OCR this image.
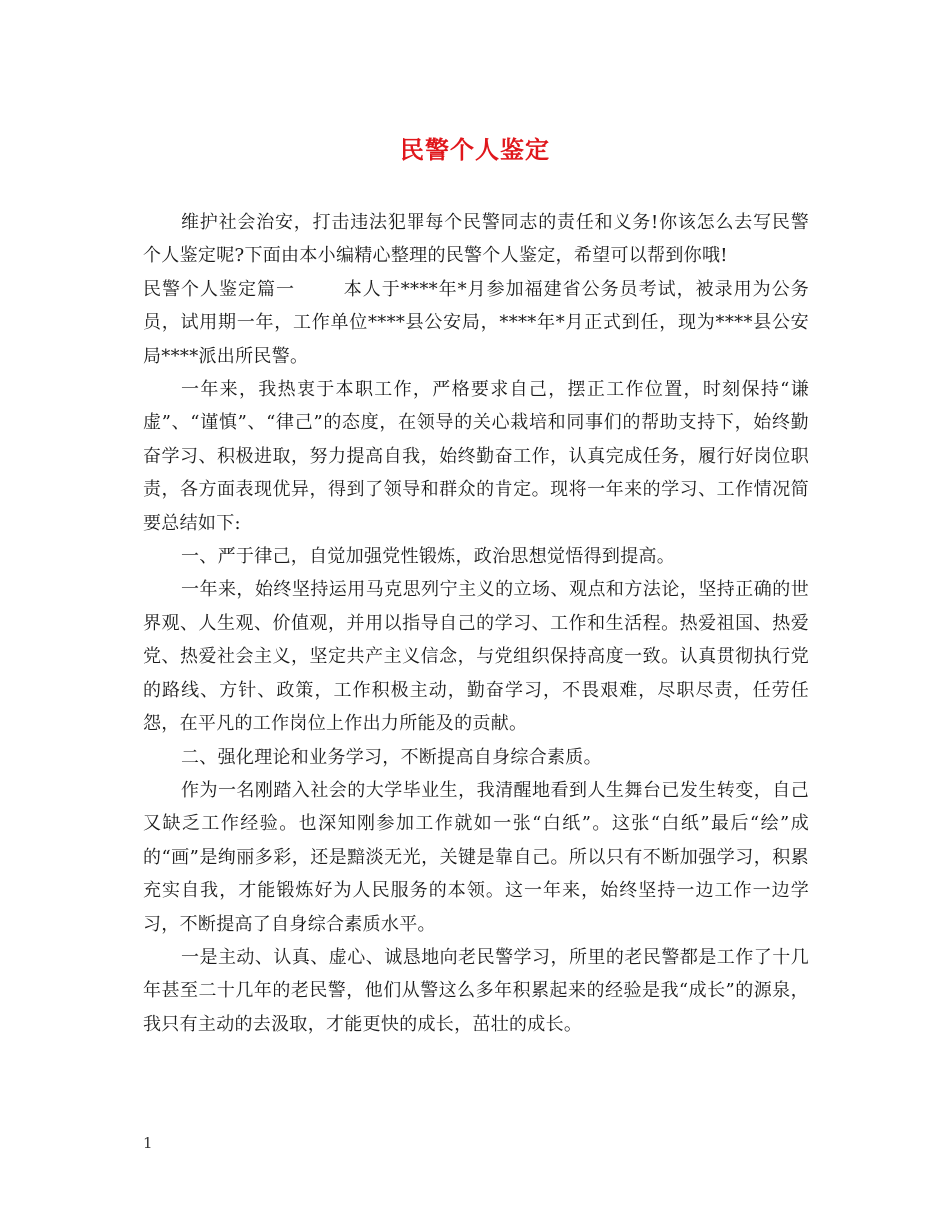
民警个人鉴定

维护社会治安，打击违法犯罪每个民警同志的责任和义务!你该怎么去写民警个人鉴定呢?下面由本小编精心整理的民警个人鉴定，希望可以帮到你哦!

民警个人鉴定篇一	本人于****年*月参加福建省公务员考试，被录用为公务员，试用期一年，工作单位****县公安局，****年*月正式到任，现为****县公安局****派出所民警。

一年来，我热衷于本职工作，严格要求自己，摆正工作位置，时刻保持“谦虚”、“谨慎”、“律己”的态度，在领导的关心栽培和同事们的帮助支持下，始终勤奋学习、积极进取，努力提高自我，始终勤奋工作，认真完成任务，履行好岗位职责，各方面表现优异，得到了领导和群众的肯定。现将一年来的学习、工作情况简要总结如下:

一、严于律己，自觉加强党性锻炼，政治思想觉悟得到提高。

一年来，始终坚持运用马克思列宁主义的立场、观点和方法论，坚持正确的世界观、人生观、价值观，并用以指导自己的学习、工作和生活程。热爱祖国、热爱党、热爱社会主义，坚定共产主义信念，与党组织保持高度一致。认真贯彻执行党的路线、方针、政策，工作积极主动，勤奋学习，不畏艰难，尽职尽责，任劳任怨，在平凡的工作岗位上作出力所能及的贡献。

二、强化理论和业务学习，不断提高自身综合素质。

作为一名刚踏入社会的大学毕业生，我清醒地看到人生舞台已发生转变，自己又缺乏工作经验。也深知刚参加工作就如一张“白纸”。这张“白纸”最后“绘”成的“画”是绚丽多彩，还是黯淡无光，关键是靠自己。所以只有不断加强学习，积累充实自我，才能锻炼好为人民服务的本领。这一年来，始终坚持一边工作一边学习，不断提高了自身综合素质水平。

一是主动、认真、虚心、诚恳地向老民警学习，所里的老民警都是工作了十几年甚至二十几年的老民警，他们从警这么多年积累起来的经验是我“成长”的源泉，我只有主动的去汲取，才能更快的成长，茁壮的成长。

1
